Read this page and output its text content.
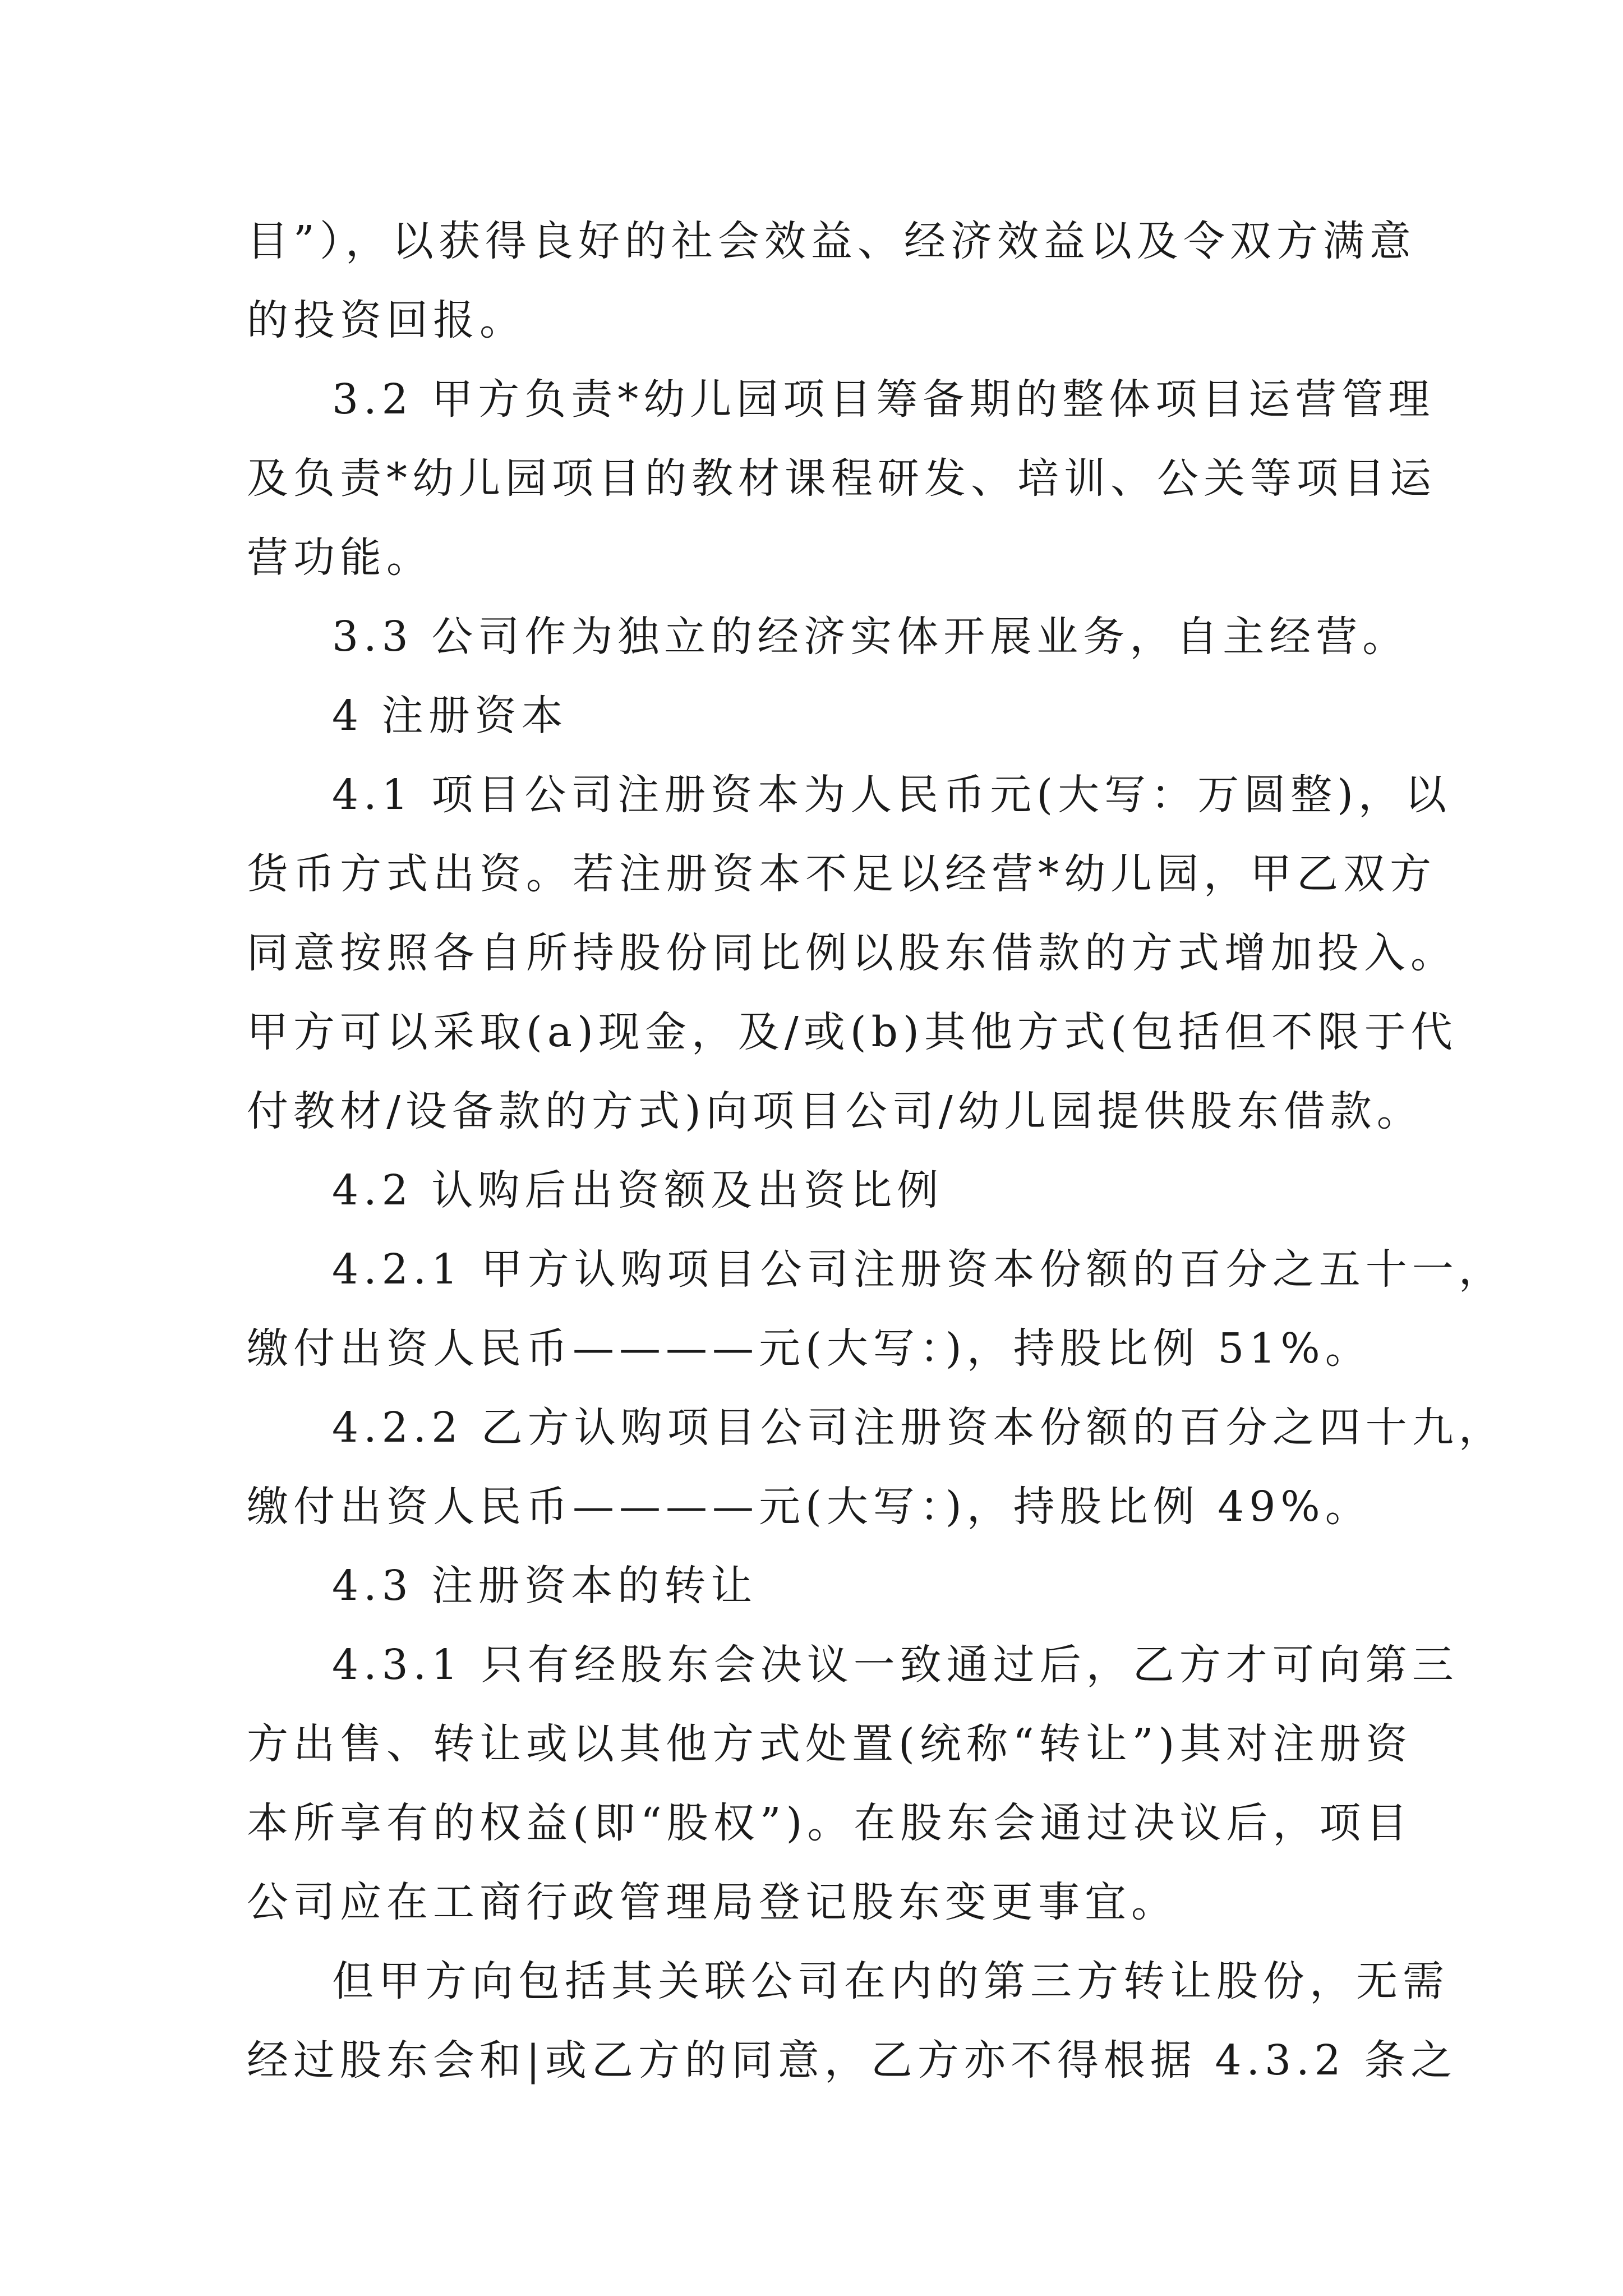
目”），以获得良好的社会效益、经济效益以及令双方满意
的投资回报。
3.2 甲方负责*幼儿园项目筹备期的整体项目运营管理
及负责*幼儿园项目的教材课程研发、培训、公关等项目运
营功能。
3.3 公司作为独立的经济实体开展业务，自主经营。
4 注册资本
4.1 项目公司注册资本为人民币元(大写：万圆整)，以
货币方式出资。若注册资本不足以经营*幼儿园，甲乙双方
同意按照各自所持股份同比例以股东借款的方式增加投入。
甲方可以采取(a)现金，及/或(b)其他方式(包括但不限于代
付教材/设备款的方式)向项目公司/幼儿园提供股东借款。
4.2 认购后出资额及出资比例
4.2.1 甲方认购项目公司注册资本份额的百分之五十一，
缴付出资人民币————元(大写：)，持股比例 51%。
4.2.2 乙方认购项目公司注册资本份额的百分之四十九，
缴付出资人民币————元(大写：)，持股比例 49%。
4.3 注册资本的转让
4.3.1 只有经股东会决议一致通过后，乙方才可向第三
方出售、转让或以其他方式处置(统称“转让”)其对注册资
本所享有的权益(即“股权”)。在股东会通过决议后，项目
公司应在工商行政管理局登记股东变更事宜。
但甲方向包括其关联公司在内的第三方转让股份，无需
经过股东会和|或乙方的同意，乙方亦不得根据 4.3.2 条之
